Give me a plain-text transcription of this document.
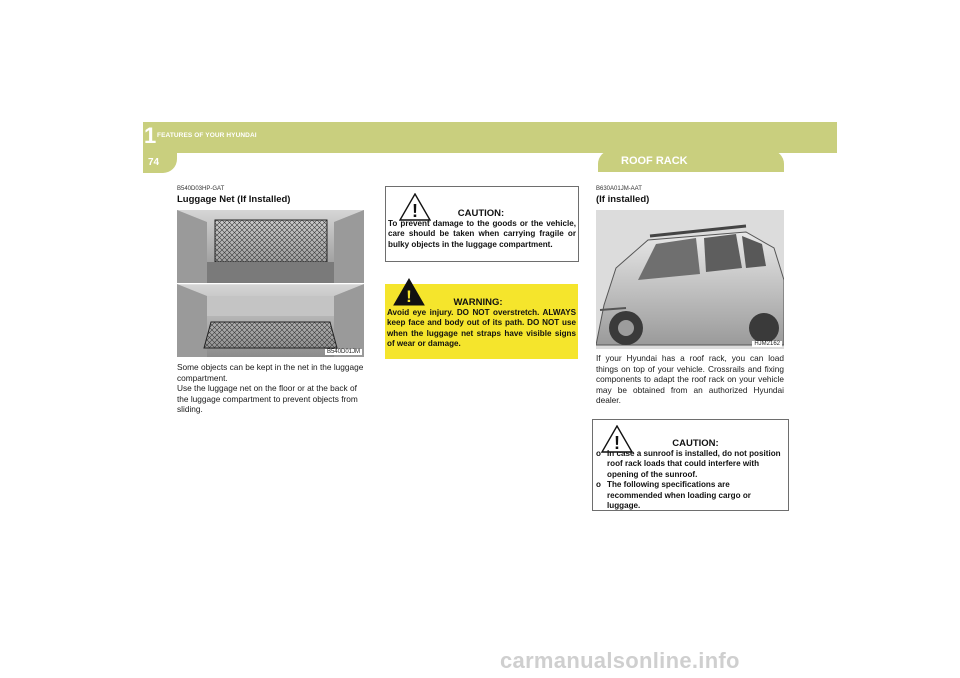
1 FEATURES OF YOUR HYUNDAI
74	ROOF RACK
B540D03HP-GAT
Luggage Net (If Installed)
B540D01JM
Some objects can be kept in the net in the luggage compartment.
Use the luggage net on the floor or at the back of the luggage compartment to prevent objects from sliding.
!	CAUTION:
To prevent damage to the goods or the vehicle, care should be taken when carrying fragile or bulky objects in the luggage compartment.
!	WARNING:
Avoid eye injury. DO NOT overstretch. ALWAYS keep face and body out of its path. DO NOT use when the luggage net straps have visible signs of wear or damage.
B630A01JM-AAT
(If installed)
HJM2162
If your Hyundai has a roof rack, you can load things on top of your vehicle. Crossrails and fixing components to adapt the roof rack on your vehicle may be obtained from an authorized Hyundai dealer.
!	CAUTION:
o In case a sunroof is installed, do not position roof rack loads that could interfere with opening of the sunroof.
o The following specifications are recommended when loading cargo or luggage.
carmanualsonline.info
